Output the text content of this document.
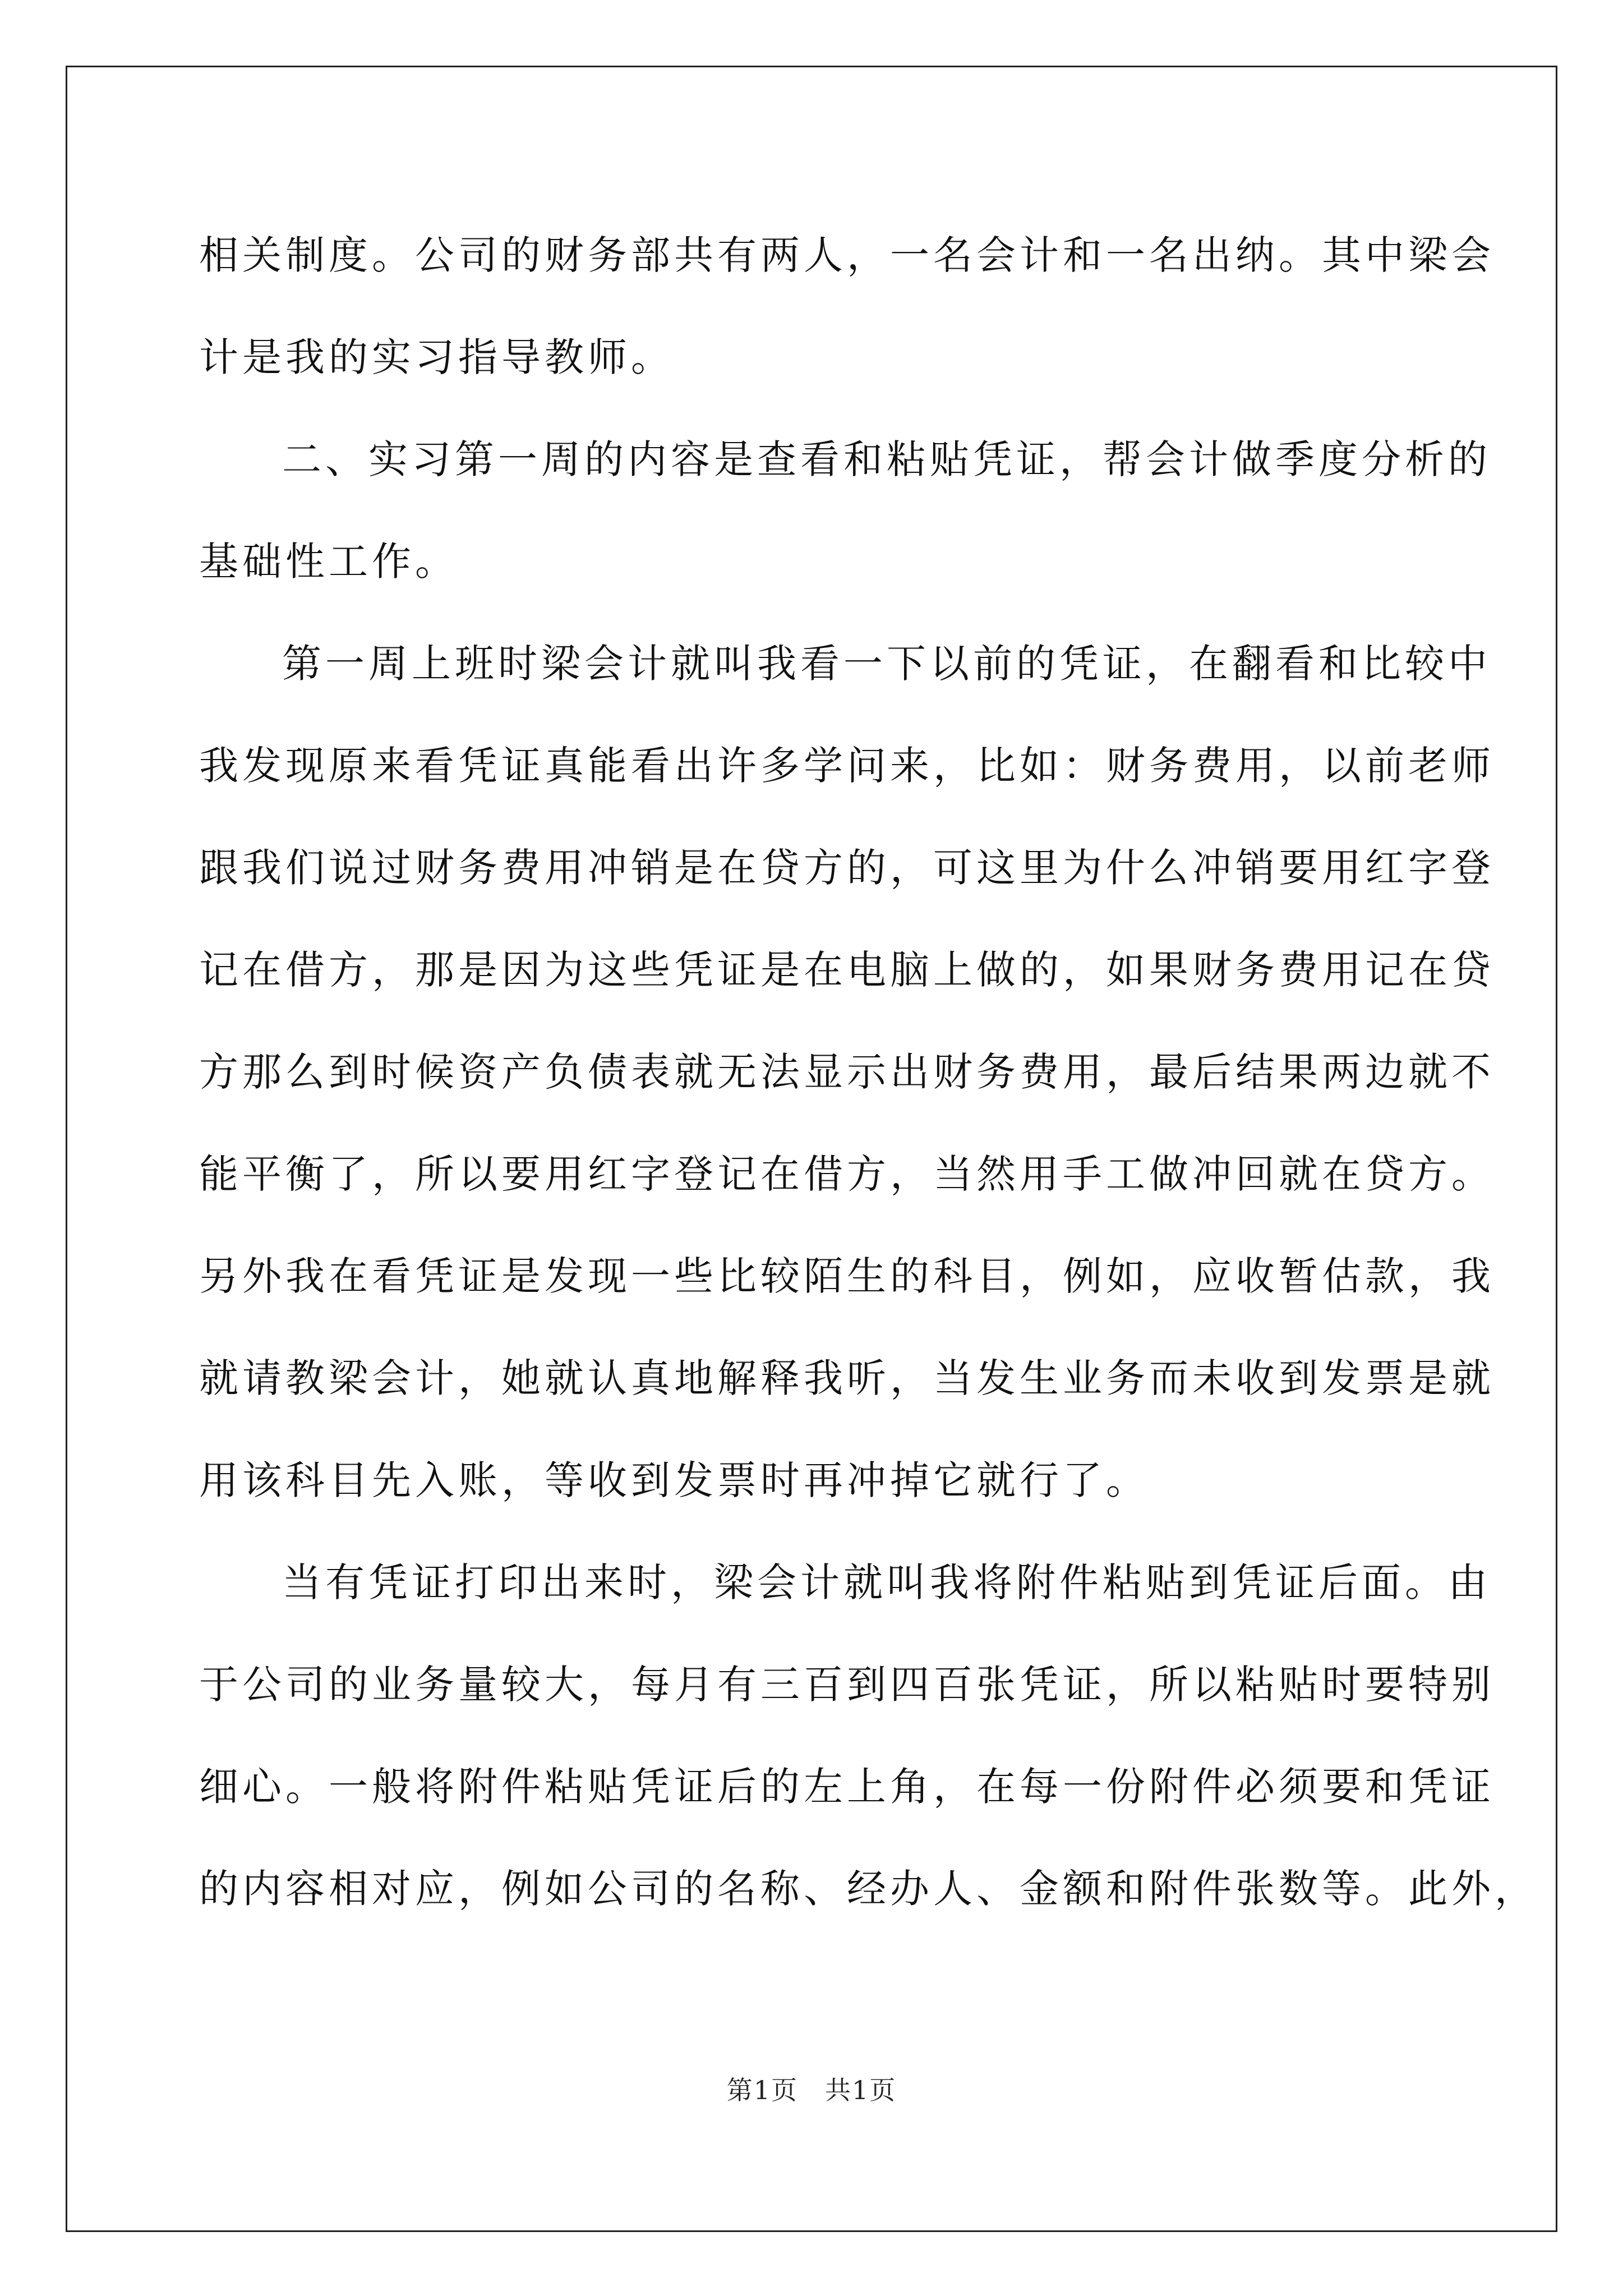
相关制度。公司的财务部共有两人，一名会计和一名出纳。其中梁会
计是我的实习指导教师。
二、实习第一周的内容是查看和粘贴凭证，帮会计做季度分析的
基础性工作。
第一周上班时梁会计就叫我看一下以前的凭证，在翻看和比较中
我发现原来看凭证真能看出许多学问来，比如：财务费用，以前老师
跟我们说过财务费用冲销是在贷方的，可这里为什么冲销要用红字登
记在借方，那是因为这些凭证是在电脑上做的，如果财务费用记在贷
方那么到时候资产负债表就无法显示出财务费用，最后结果两边就不
能平衡了，所以要用红字登记在借方，当然用手工做冲回就在贷方。
另外我在看凭证是发现一些比较陌生的科目，例如，应收暂估款，我
就请教梁会计，她就认真地解释我听，当发生业务而未收到发票是就
用该科目先入账，等收到发票时再冲掉它就行了。
当有凭证打印出来时，梁会计就叫我将附件粘贴到凭证后面。由
于公司的业务量较大，每月有三百到四百张凭证，所以粘贴时要特别
细心。一般将附件粘贴凭证后的左上角，在每一份附件必须要和凭证
的内容相对应，例如公司的名称、经办人、金额和附件张数等。此外，
第1页　共1页
